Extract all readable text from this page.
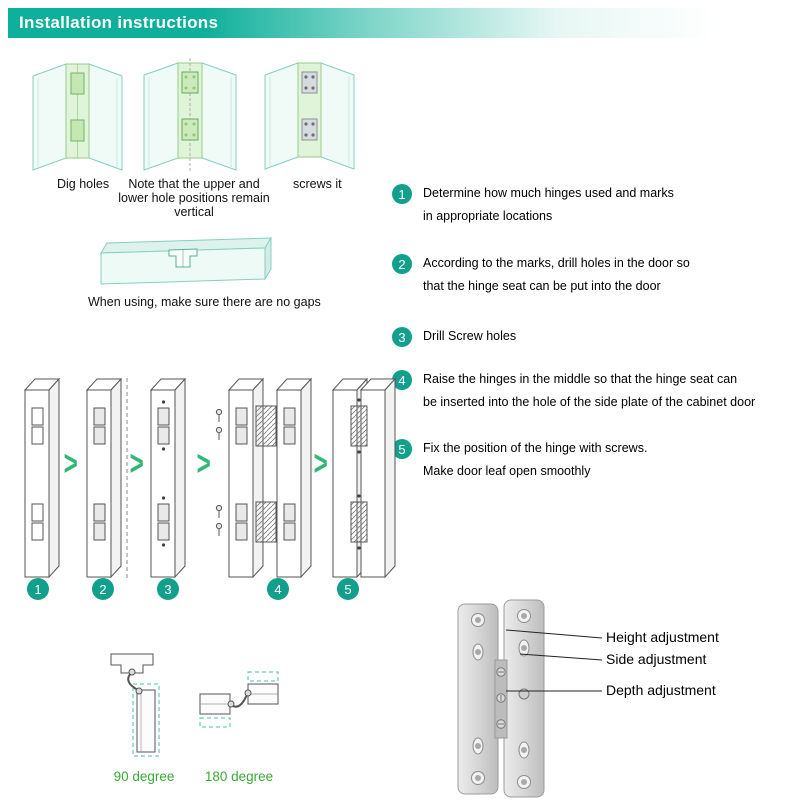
Installation instructions
Dig holes	Note that the upper and
lower hole positions remain vertical
screws it
When using, make sure there are no gaps
1	Determine how much hinges used and marks
in appropriate locations
2	According to the marks, drill holes in the door so
that the hinge seat can be put into the door
3	Drill Screw holes
4	Raise the hinges in the middle so that the hinge seat can
be inserted into the hole of the side plate of the cabinet door
5	Fix the position of the hinge with screws.
Make door leaf open smoothly
> > >	>
1	2	3	4	5
90 degree	180 degree
Height adjustment
Side adjustment
Depth adjustment
